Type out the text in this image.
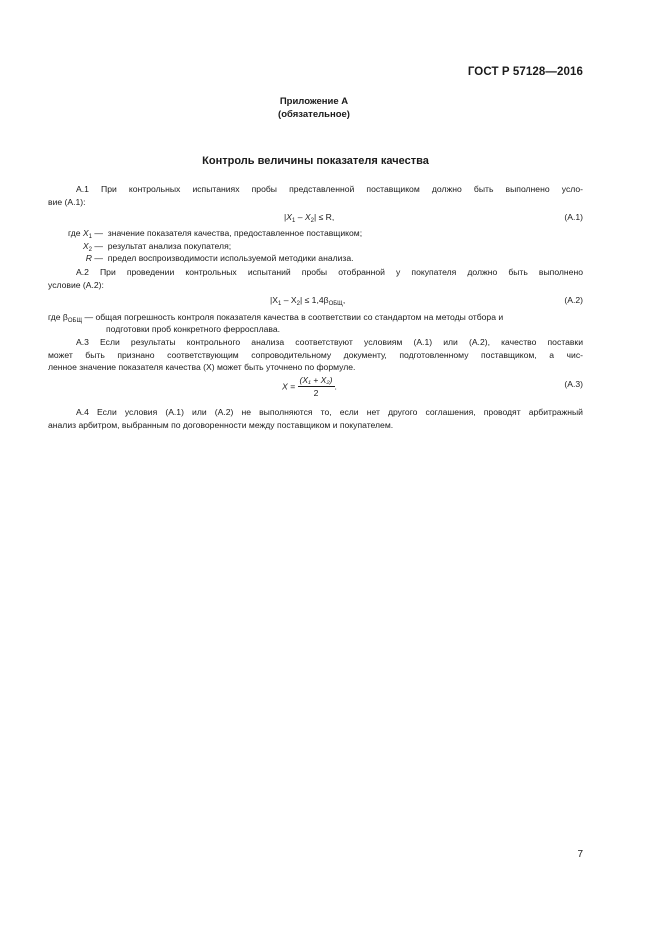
ГОСТ Р 57128—2016
Приложение А
(обязательное)
Контроль величины показателя качества
А.1 При контрольных испытаниях пробы представленной поставщиком должно быть выполнено усло-
вие (А.1):
$|X_1 - X_2| \le R$,	(А.1)
где $X_1$ — значение показателя качества, предоставленное поставщиком;
$X_2$ — результат анализа покупателя;
R — предел воспроизводимости используемой методики анализа.
А.2 При проведении контрольных испытаний пробы отобранной у покупателя должно быть выполнено
условие (А.2):
$|X_1 - X_2| \le 1,4\beta_{ОБЩ}$,	(А.2)
где $\beta_{ОБЩ}$ — общая погрешность контроля показателя качества в соответствии со стандартом на методы отбора и
подготовки проб конкретного ферросплава.
А.3 Если результаты контрольного анализа соответствуют условиям (А.1) или (А.2), качество поставки
может быть признано соответствующим сопроводительному документу, подготовленному поставщиком, а чис-
ленное значение показателя качества (X) может быть уточнено по формуле.
$X = \frac{\text{(X₁ + X₂)}}{2}$ .	(А.3)
А.4 Если условия (А.1) или (А.2) не выполняются то, если нет другого соглашения, проводят арбитражный
анализ арбитром, выбранным по договоренности между поставщиком и покупателем.
7
